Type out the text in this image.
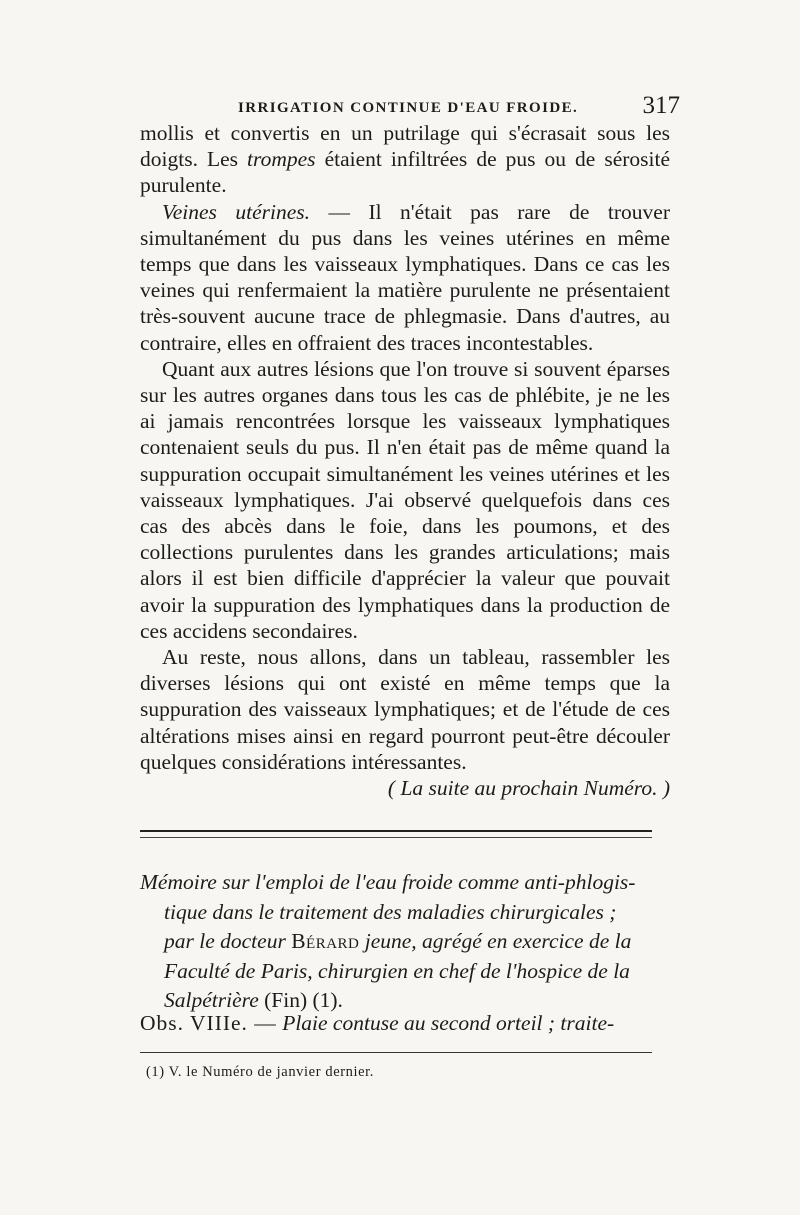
IRRIGATION CONTINUE D'EAU FROIDE.	317

mollis et convertis en un putrilage qui s'écrasait sous les doigts. Les trompes étaient infiltrées de pus ou de sérosité purulente.

Veines utérines. — Il n'était pas rare de trouver simultanément du pus dans les veines utérines en même temps que dans les vaisseaux lymphatiques. Dans ce cas les veines qui renfermaient la matière purulente ne présentaient très-souvent aucune trace de phlegmasie. Dans d'autres, au contraire, elles en offraient des traces incontestables.

Quant aux autres lésions que l'on trouve si souvent éparses sur les autres organes dans tous les cas de phlébite, je ne les ai jamais rencontrées lorsque les vaisseaux lymphatiques contenaient seuls du pus. Il n'en était pas de même quand la suppuration occupait simultanément les veines utérines et les vaisseaux lymphatiques. J'ai observé quelquefois dans ces cas des abcès dans le foie, dans les poumons, et des collections purulentes dans les grandes articulations; mais alors il est bien difficile d'apprécier la valeur que pouvait avoir la suppuration des lymphatiques dans la production de ces accidens secondaires.

Au reste, nous allons, dans un tableau, rassembler les diverses lésions qui ont existé en même temps que la suppuration des vaisseaux lymphatiques; et de l'étude de ces altérations mises ainsi en regard pourront peut-être découler quelques considérations intéressantes.

( La suite au prochain Numéro. )

Mémoire sur l'emploi de l'eau froide comme anti-phlogis-
tique dans le traitement des maladies chirurgicales ;
par le docteur Bérard jeune, agrégé en exercice de la
Faculté de Paris, chirurgien en chef de l'hospice de la
Salpétrière (Fin) (1).
Obs. VIIIe. — Plaie contuse au second orteil ; traite-
(1) V. le Numéro de janvier dernier.
